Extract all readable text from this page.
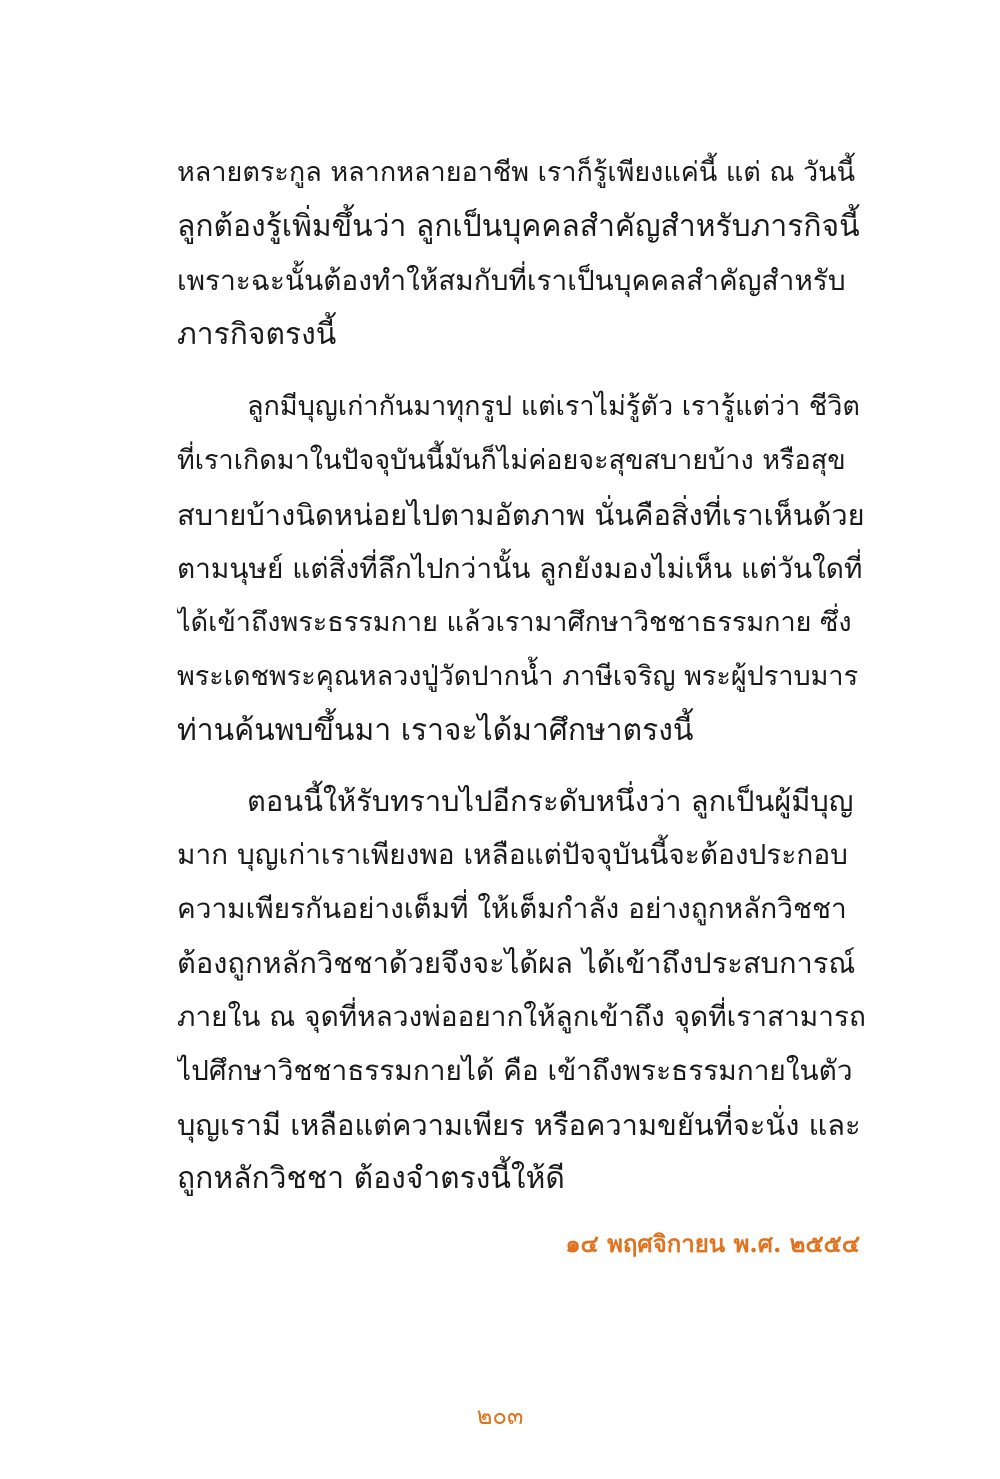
หลายตระกูล หลากหลายอาชีพ เราก็รู้เพียงแค่นี้ แต่ ณ วันนี้
ลูกต้องรู้เพิ่มขึ้นว่า ลูกเป็นบุคคลสำคัญสำหรับภารกิจนี้
เพราะฉะนั้นต้องทำให้สมกับที่เราเป็นบุคคลสำคัญสำหรับ
ภารกิจตรงนี้
ลูกมีบุญเก่ากันมาทุกรูป แต่เราไม่รู้ตัว เรารู้แต่ว่า ชีวิต
ที่เราเกิดมาในปัจจุบันนี้มันก็ไม่ค่อยจะสุขสบายบ้าง หรือสุข
สบายบ้างนิดหน่อยไปตามอัตภาพ นั่นคือสิ่งที่เราเห็นด้วย
ตามนุษย์ แต่สิ่งที่ลึกไปกว่านั้น ลูกยังมองไม่เห็น แต่วันใดที่
ได้เข้าถึงพระธรรมกาย แล้วเรามาศึกษาวิชชาธรรมกาย ซึ่ง
พระเดชพระคุณหลวงปู่วัดปากน้ำ ภาษีเจริญ พระผู้ปราบมาร
ท่านค้นพบขึ้นมา เราจะได้มาศึกษาตรงนี้
ตอนนี้ให้รับทราบไปอีกระดับหนึ่งว่า ลูกเป็นผู้มีบุญ
มาก บุญเก่าเราเพียงพอ เหลือแต่ปัจจุบันนี้จะต้องประกอบ
ความเพียรกันอย่างเต็มที่ ให้เต็มกำลัง อย่างถูกหลักวิชชา
ต้องถูกหลักวิชชาด้วยจึงจะได้ผล ได้เข้าถึงประสบการณ์
ภายใน ณ จุดที่หลวงพ่ออยากให้ลูกเข้าถึง จุดที่เราสามารถ
ไปศึกษาวิชชาธรรมกายได้ คือ เข้าถึงพระธรรมกายในตัว
บุญเรามี เหลือแต่ความเพียร หรือความขยันที่จะนั่ง และ
ถูกหลักวิชชา ต้องจำตรงนี้ให้ดี
๑๔ พฤศจิกายน พ.ศ. ๒๕๕๔
๒๐๓
